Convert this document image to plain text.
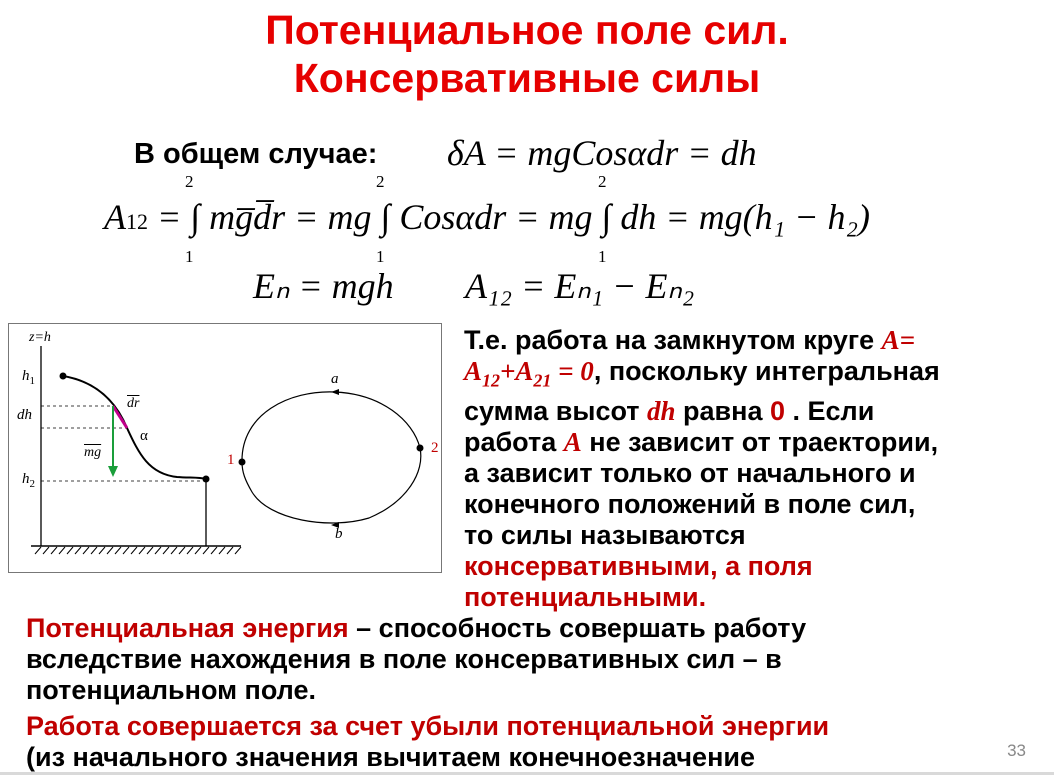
Потенциальное поле сил.
Консервативные силы
В общем случае: δA = mgCosαdr = dh
A12 = ∫ mg̅d̅r = mg ∫ Cosαdr = mg ∫ dh = mg(h₁ − h₂)
2
1
2
1
2
1
Eₙ = mgh A₁₂ = Eₙ₁ − Eₙ₂
z=h
$h_1$
dh
$h_2$
$\overline{dr}$
α
$\overline{mg}$
a
b
1
2
Т.е. работа на замкнутом круге A=
$A_{12}+A_{21} = 0$, поскольку интегральная
сумма высот dh равна 0 . Если
работа A не зависит от траектории,
а зависит только от начального и
конечного положений в поле сил,
то силы называются
консервативными, а поля
потенциальными.
Потенциальная энергия – способность совершать работу
вследствие нахождения в поле консервативных сил – в
потенциальном поле.
Работа совершается за счет убыли потенциальной энергии
(из начального значения вычитаем конечноезначение	33
